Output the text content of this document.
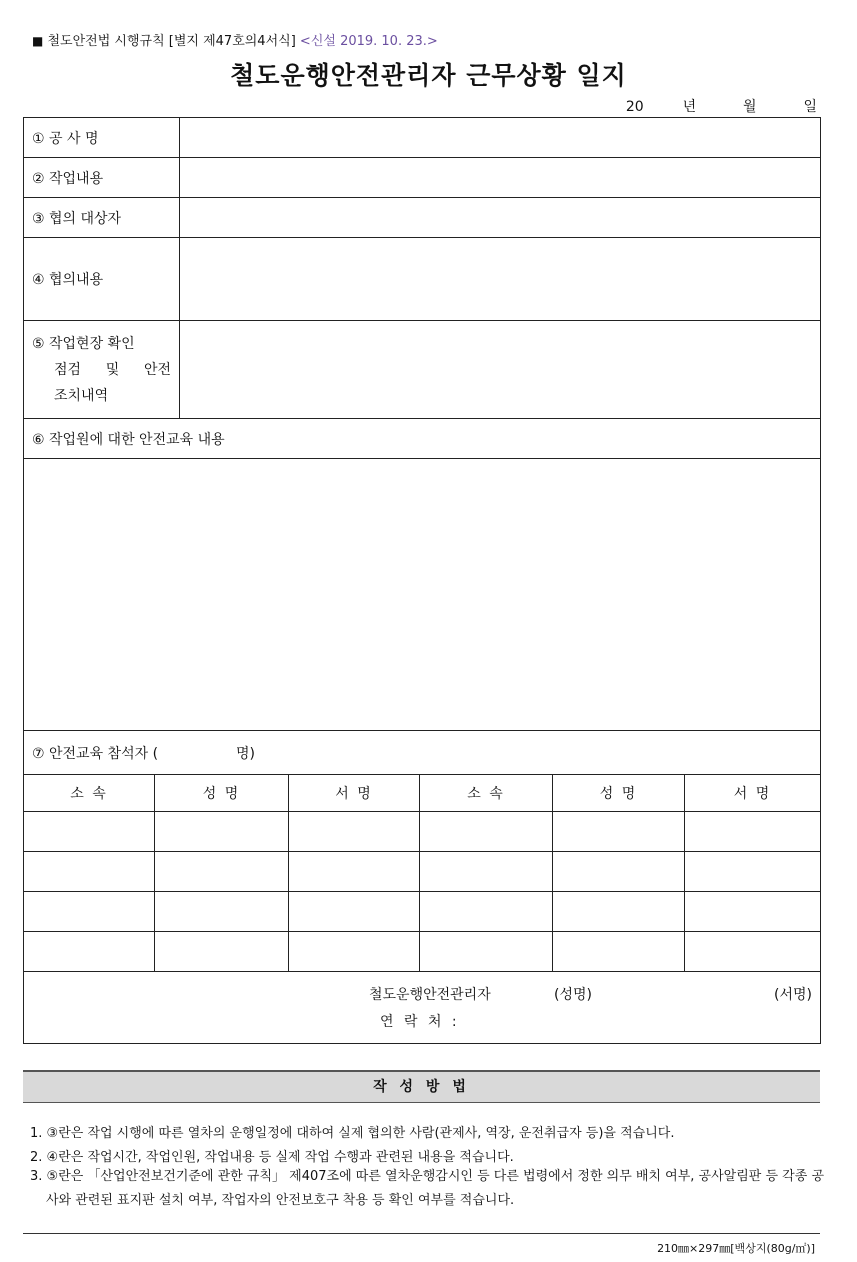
■ 철도안전법 시행규칙 [별지 제47호의4서식] <신설 2019. 10. 23.>
철도운행안전관리자 근무상황 일지
20	년	월	일
① 공 사 명	
② 작업내용	
③ 협의 대상자	
④ 협의내용	

⑤ 작업현장 확인
점검 및 안전
조치내역	

⑥ 작업원에 대한 안전교육 내용	

⑦ 안전교육 참석자 ( 명)	
소 속	성 명	서 명	소 속	성 명	서 명

철도운행안전관리자 (성명) (서명)
연 락 처 :					
작 성 방 법
1. ③란은 작업 시행에 따른 열차의 운행일정에 대하여 실제 협의한 사람(관제사, 역장, 운전취급자 등)을 적습니다.
2. ④란은 작업시간, 작업인원, 작업내용 등 실제 작업 수행과 관련된 내용을 적습니다.
3. ⑤란은 「산업안전보건기준에 관한 규칙」 제407조에 따른 열차운행감시인 등 다른 법령에서 정한 의무 배치 여부, 공사알림판 등 각종 공사와 관련된 표지판 설치 여부, 작업자의 안전보호구 착용 등 확인 여부를 적습니다.
210㎜×297㎜[백상지(80g/㎡)]
